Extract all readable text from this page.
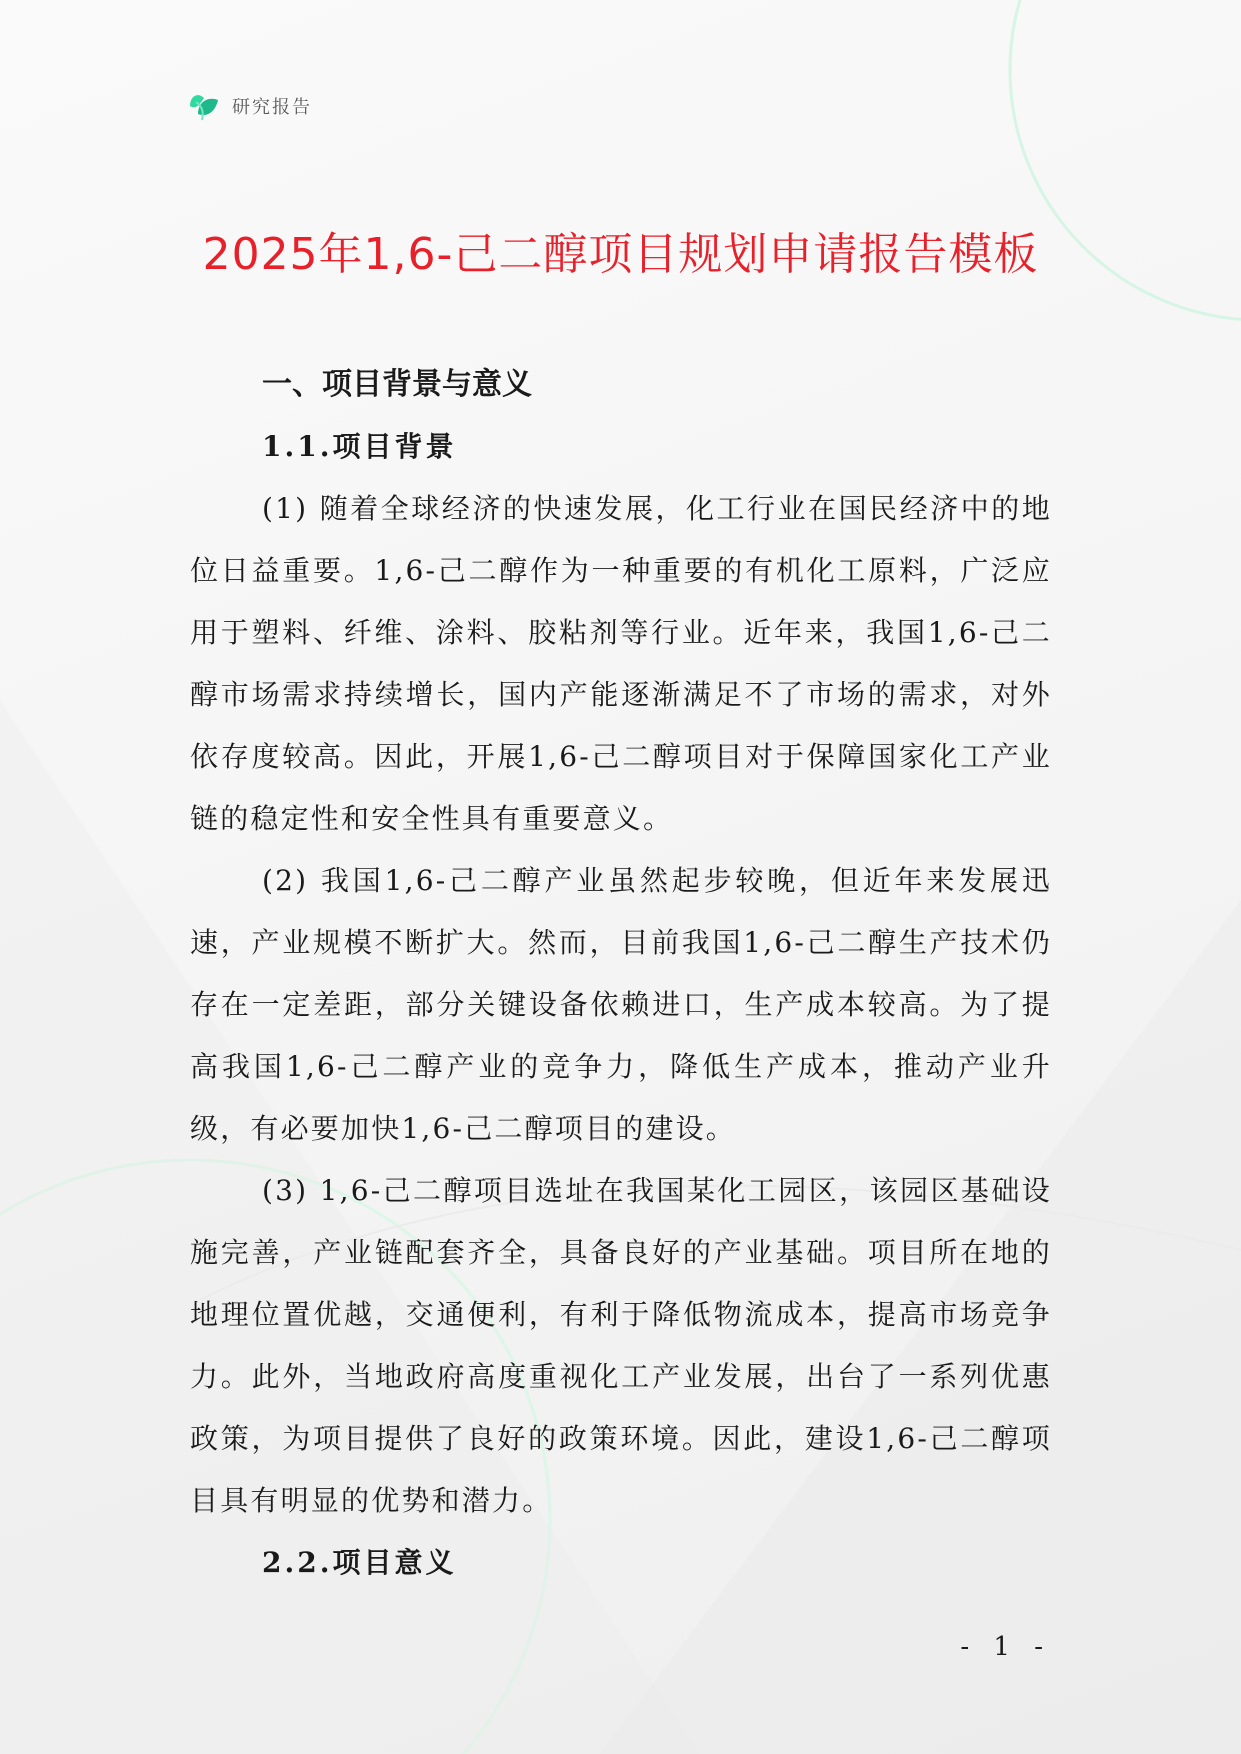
研究报告
2025年1,6-己二醇项目规划申请报告模板
一、项目背景与意义
1.1.项目背景

(1) 随着全球经济的快速发展，化工行业在国民经济中的地位日益重要。1,6-己二醇作为一种重要的有机化工原料，广泛应用于塑料、纤维、涂料、胶粘剂等行业。近年来，我国1,6-己二醇市场需求持续增长，国内产能逐渐满足不了市场的需求，对外依存度较高。因此，开展1,6-己二醇项目对于保障国家化工产业链的稳定性和安全性具有重要意义。

(2) 我国1,6-己二醇产业虽然起步较晚，但近年来发展迅速，产业规模不断扩大。然而，目前我国1,6-己二醇生产技术仍存在一定差距，部分关键设备依赖进口，生产成本较高。为了提高我国1,6-己二醇产业的竞争力，降低生产成本，推动产业升级，有必要加快1,6-己二醇项目的建设。

(3) 1,6-己二醇项目选址在我国某化工园区，该园区基础设施完善，产业链配套齐全，具备良好的产业基础。项目所在地的地理位置优越，交通便利，有利于降低物流成本，提高市场竞争力。此外，当地政府高度重视化工产业发展，出台了一系列优惠政策，为项目提供了良好的政策环境。因此，建设1,6-己二醇项目具有明显的优势和潜力。

2.2.项目意义
- 1 -
